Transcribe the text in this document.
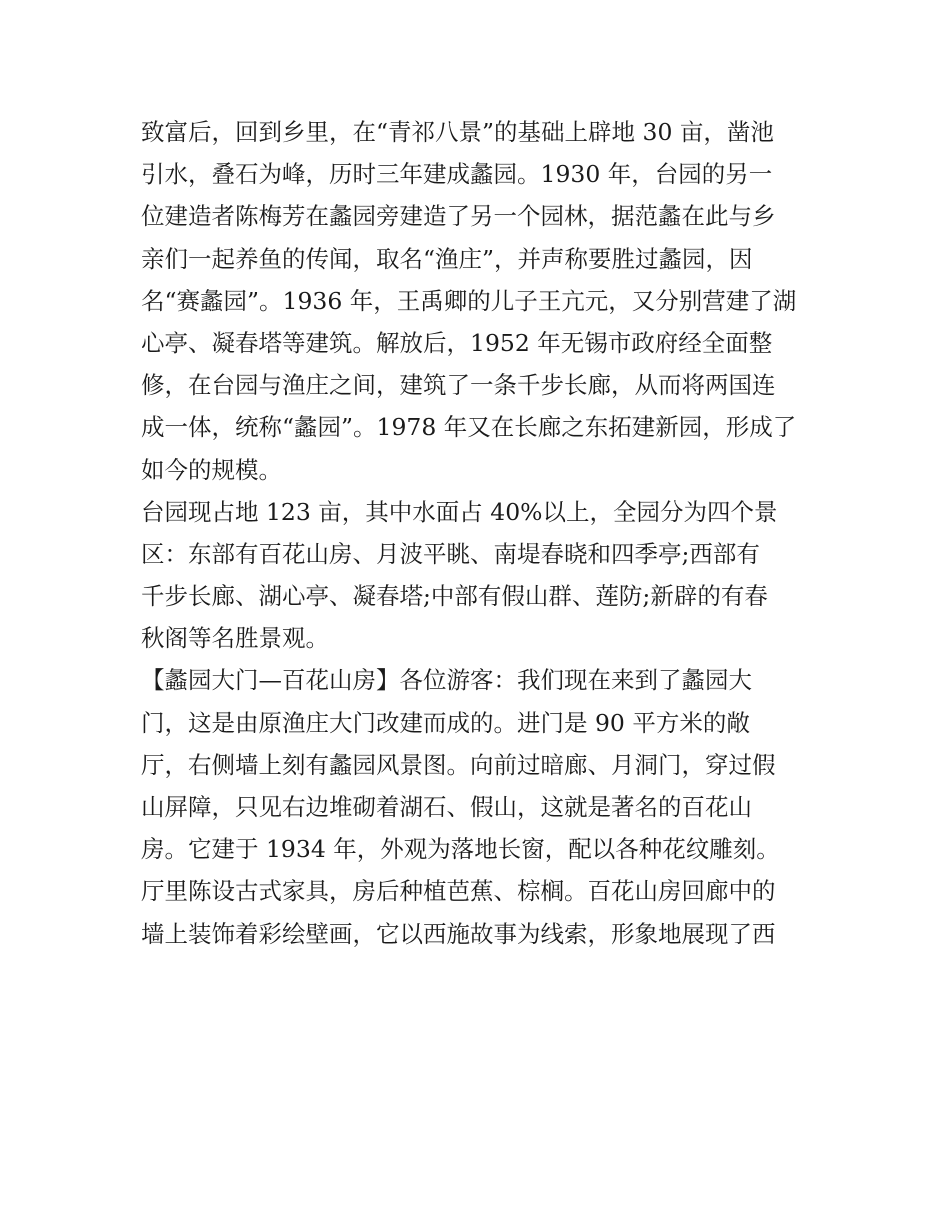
致富后，回到乡里，在“青祁八景”的基础上辟地 30 亩，凿池
引水，叠石为峰，历时三年建成蠡园。1930 年，台园的另一
位建造者陈梅芳在蠡园旁建造了另一个园林，据范蠡在此与乡
亲们一起养鱼的传闻，取名“渔庄”，并声称要胜过蠡园，因
名“赛蠡园”。1936 年，王禹卿的儿子王亢元，又分别营建了湖
心亭、凝春塔等建筑。解放后，1952 年无锡市政府经全面整
修，在台园与渔庄之间，建筑了一条千步长廊，从而将两国连
成一体，统称“蠡园”。1978 年又在长廊之东拓建新园，形成了
如今的规模。
台园现占地 123 亩，其中水面占 40%以上，全园分为四个景
区：东部有百花山房、月波平眺、南堤春晓和四季亭;西部有
千步长廊、湖心亭、凝春塔;中部有假山群、莲防;新辟的有春
秋阁等名胜景观。
【蠡园大门—百花山房】各位游客：我们现在来到了蠡园大
门，这是由原渔庄大门改建而成的。进门是 90 平方米的敞
厅，右侧墙上刻有蠡园风景图。向前过暗廊、月洞门，穿过假
山屏障，只见右边堆砌着湖石、假山，这就是著名的百花山
房。它建于 1934 年，外观为落地长窗，配以各种花纹雕刻。
厅里陈设古式家具，房后种植芭蕉、棕榈。百花山房回廊中的
墙上装饰着彩绘壁画，它以西施故事为线索，形象地展现了西
